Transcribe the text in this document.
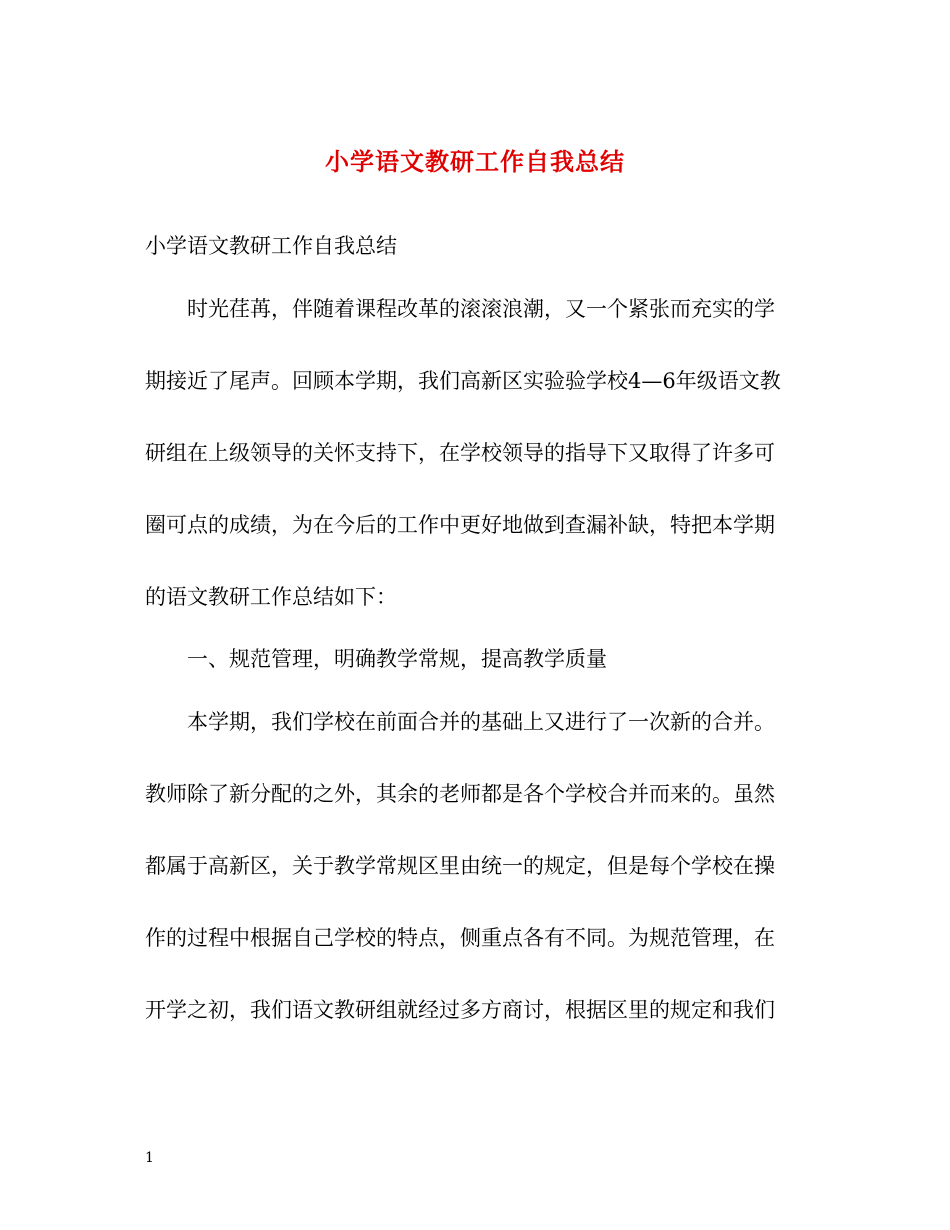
小学语文教研工作自我总结
小学语文教研工作自我总结
时光荏苒，伴随着课程改革的滚滚浪潮，又一个紧张而充实的学
期接近了尾声。回顾本学期，我们高新区实验验学校4—6年级语文教
研组在上级领导的关怀支持下，在学校领导的指导下又取得了许多可
圈可点的成绩，为在今后的工作中更好地做到查漏补缺，特把本学期
的语文教研工作总结如下：
一、规范管理，明确教学常规，提高教学质量
本学期，我们学校在前面合并的基础上又进行了一次新的合并。
教师除了新分配的之外，其余的老师都是各个学校合并而来的。虽然
都属于高新区，关于教学常规区里由统一的规定，但是每个学校在操
作的过程中根据自己学校的特点，侧重点各有不同。为规范管理，在
开学之初，我们语文教研组就经过多方商讨，根据区里的规定和我们
1
